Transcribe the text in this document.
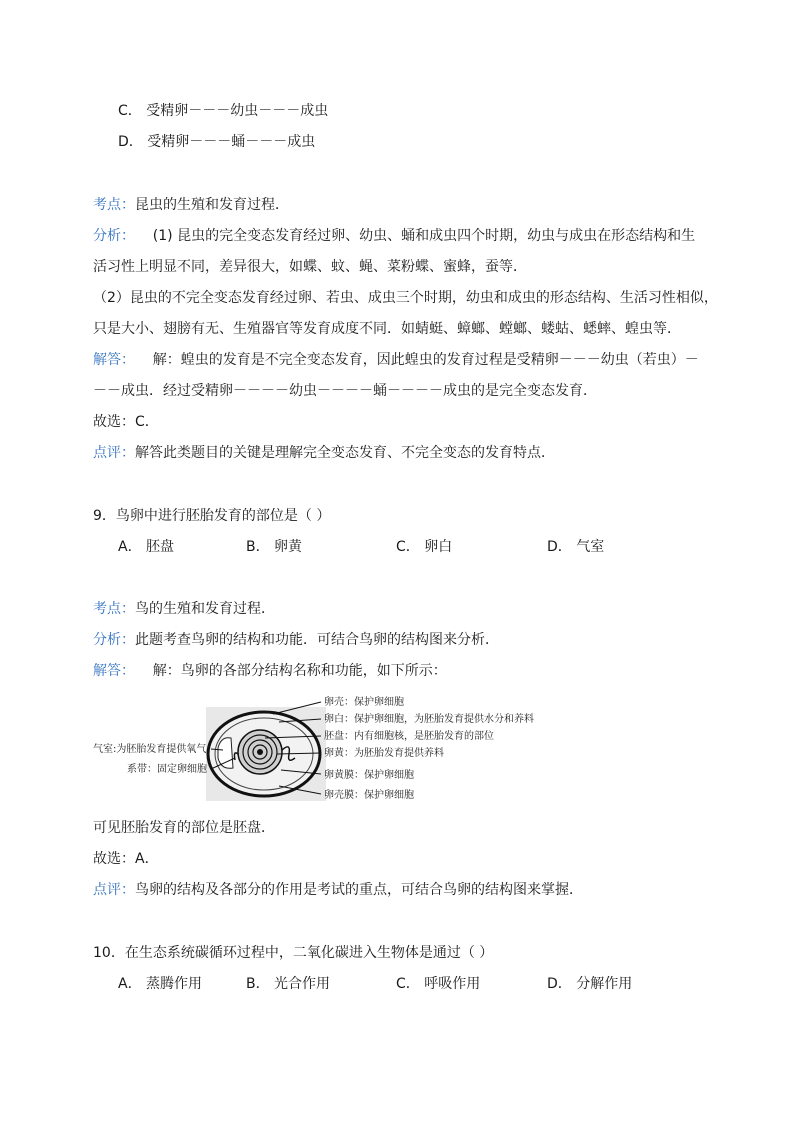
C． 受精卵－－－幼虫－－－成虫
D． 受精卵－－－蛹－－－成虫
考点：昆虫的生殖和发育过程．
分析：    (1) 昆虫的完全变态发育经过卵、幼虫、蛹和成虫四个时期，幼虫与成虫在形态结构和生
活习性上明显不同，差异很大，如蝶、蚊、蝇、菜粉蝶、蜜蜂，蚕等．
（2）昆虫的不完全变态发育经过卵、若虫、成虫三个时期，幼虫和成虫的形态结构、生活习性相似，
只是大小、翅膀有无、生殖器官等发育成度不同．如蜻蜓、蟑螂、螳螂、蝼蛄、蟋蟀、蝗虫等．
解答：    解：蝗虫的发育是不完全变态发育，因此蝗虫的发育过程是受精卵－－－幼虫（若虫）－
－－成虫．经过受精卵－－－－幼虫－－－－蛹－－－－成虫的是完全变态发育．
故选：C．
点评：解答此类题目的关键是理解完全变态发育、不完全变态的发育特点．
9．鸟卵中进行胚胎发育的部位是（ ）
A． 胚盘	B． 卵黄	C． 卵白	D． 气室
考点：鸟的生殖和发育过程．
分析：此题考查鸟卵的结构和功能．可结合鸟卵的结构图来分析．
解答：    解：鸟卵的各部分结构名称和功能，如下所示：
卵壳：保护卵细胞
卵白：保护卵细胞，为胚胎发育提供水分和养料
胚盘：内有细胞核，是胚胎发育的部位
卵黄：为胚胎发育提供养料
卵黄膜：保护卵细胞
卵壳膜：保护卵细胞
气室:为胚胎发育提供氧气
系带：固定卵细胞
可见胚胎发育的部位是胚盘．
故选：A．
点评：鸟卵的结构及各部分的作用是考试的重点，可结合鸟卵的结构图来掌握．
10．在生态系统碳循环过程中，二氧化碳进入生物体是通过（ ）
A． 蒸腾作用	B． 光合作用	C． 呼吸作用	D． 分解作用
